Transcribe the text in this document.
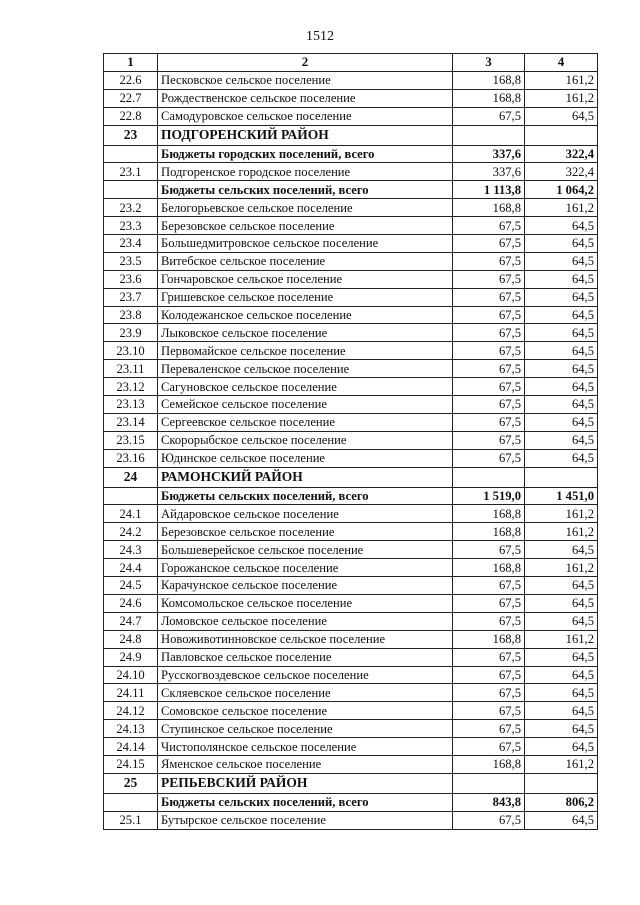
1512
1	2	3	4
22.6	Песковское сельское поселение	168,8	161,2
22.7	Рождественское сельское поселение	168,8	161,2
22.8	Самодуровское сельское поселение	67,5	64,5
23	ПОДГОРЕНСКИЙ РАЙОН		
	Бюджеты городских поселений, всего	337,6	322,4
23.1	Подгоренское городское поселение	337,6	322,4
	Бюджеты сельских поселений, всего	1 113,8	1 064,2
23.2	Белогорьевское сельское поселение	168,8	161,2
23.3	Березовское сельское поселение	67,5	64,5
23.4	Большедмитровское сельское поселение	67,5	64,5
23.5	Витебское сельское поселение	67,5	64,5
23.6	Гончаровское сельское поселение	67,5	64,5
23.7	Гришевское сельское поселение	67,5	64,5
23.8	Колодежанское сельское поселение	67,5	64,5
23.9	Лыковское сельское поселение	67,5	64,5
23.10	Первомайское сельское поселение	67,5	64,5
23.11	Переваленское сельское поселение	67,5	64,5
23.12	Сагуновское сельское поселение	67,5	64,5
23.13	Семейское сельское поселение	67,5	64,5
23.14	Сергеевское сельское поселение	67,5	64,5
23.15	Скорорыбское сельское поселение	67,5	64,5
23.16	Юдинское сельское поселение	67,5	64,5
24	РАМОНСКИЙ РАЙОН		
	Бюджеты сельских поселений, всего	1 519,0	1 451,0
24.1	Айдаровское сельское поселение	168,8	161,2
24.2	Березовское сельское поселение	168,8	161,2
24.3	Большеверейское сельское поселение	67,5	64,5
24.4	Горожанское сельское поселение	168,8	161,2
24.5	Карачунское сельское поселение	67,5	64,5
24.6	Комсомольское сельское поселение	67,5	64,5
24.7	Ломовское сельское поселение	67,5	64,5
24.8	Новоживотинновское сельское поселение	168,8	161,2
24.9	Павловское сельское поселение	67,5	64,5
24.10	Русскогвоздевское сельское поселение	67,5	64,5
24.11	Скляевское сельское поселение	67,5	64,5
24.12	Сомовское сельское поселение	67,5	64,5
24.13	Ступинское сельское поселение	67,5	64,5
24.14	Чистополянское сельское поселение	67,5	64,5
24.15	Яменское сельское поселение	168,8	161,2
25	РЕПЬЕВСКИЙ РАЙОН		
	Бюджеты сельских поселений, всего	843,8	806,2
25.1	Бутырское сельское поселение	67,5	64,5
